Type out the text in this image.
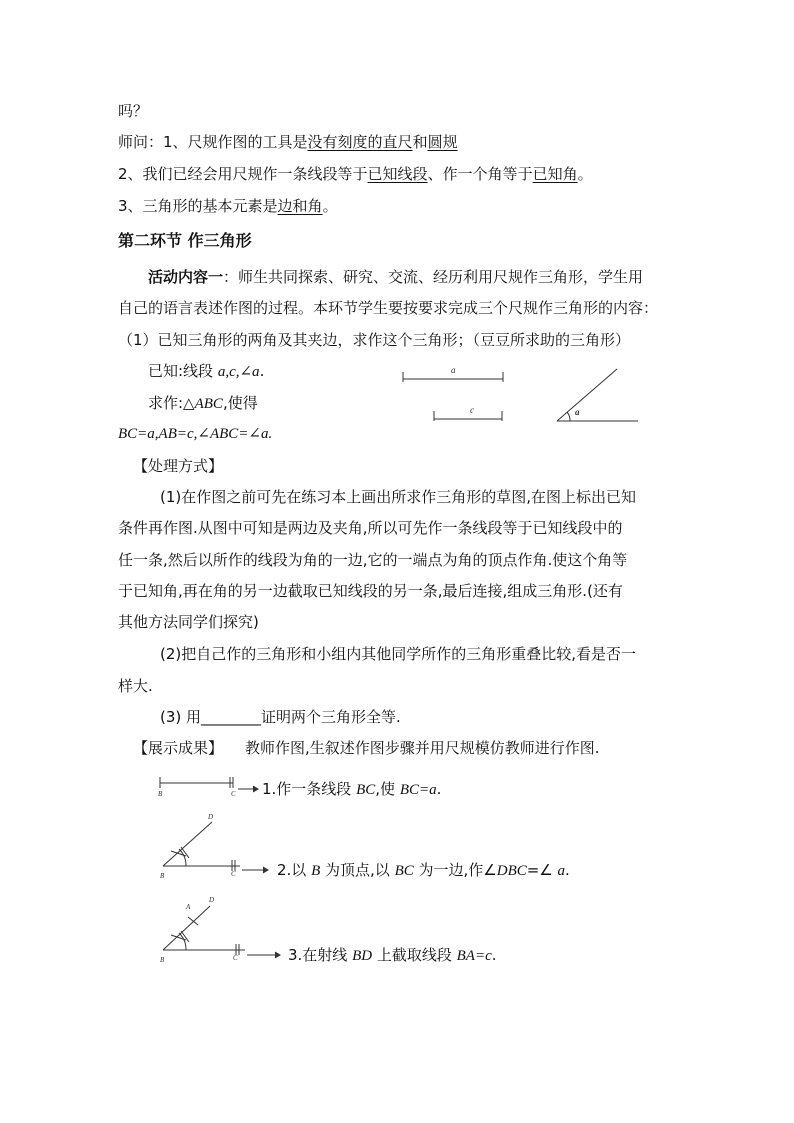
吗？
师问：1、尺规作图的工具是没有刻度的直尺和圆规
2、我们已经会用尺规作一条线段等于已知线段、作一个角等于已知角。
3、三角形的基本元素是边和角。
第二环节 作三角形
活动内容一：师生共同探索、研究、交流、经历利用尺规作三角形，学生用
自己的语言表述作图的过程。本环节学生要按要求完成三个尺规作三角形的内容：
（1）已知三角形的两角及其夹边，求作这个三角形；（豆豆所求助的三角形）
已知:线段 a,c,∠a.
求作:△ABC,使得
BC=a,AB=c,∠ABC=∠a.
【处理方式】
(1)在作图之前可先在练习本上画出所求作三角形的草图,在图上标出已知
条件再作图.从图中可知是两边及夹角,所以可先作一条线段等于已知线段中的
任一条,然后以所作的线段为角的一边,它的一端点为角的顶点作角.使这个角等
于已知角,再在角的另一边截取已知线段的另一条,最后连接,组成三角形.(还有
其他方法同学们探究)
(2)把自己作的三角形和小组内其他同学所作的三角形重叠比较,看是否一
样大.
(3) 用________证明两个三角形全等.
【展示成果】 教师作图,生叙述作图步骤并用尺规模仿教师进行作图.
1.作一条线段 BC,使 BC=a.
2.以 B 为顶点,以 BC 为一边,作∠DBC=∠ a.
3.在射线 BD 上截取线段 BA=c.
a
c	a
B	C
B	C
D
B	C
D
A
